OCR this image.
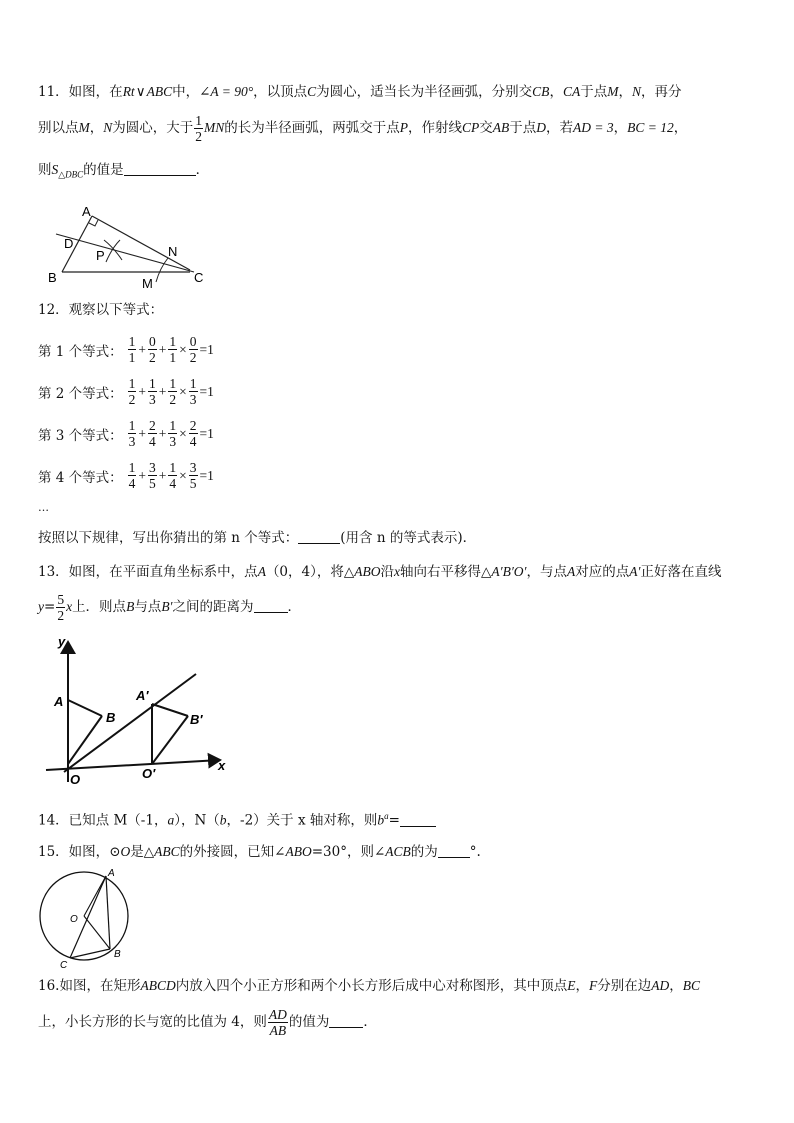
11．如图，在Rt∨ABC中，∠A = 90°，以顶点C为圆心，适当长为半径画弧，分别交CB，CA于点M，N，再分
别以点M，N为圆心，大于 $\frac{1}{2}$ MN的长为半径画弧，两弧交于点P，作射线CP交AB于点D，若AD = 3，BC = 12，
则$S_{\triangle DBC}$的值是	．
A
B	C
D
P
M
N
12．观察以下等式：
第 1 个等式： $\frac{1}{1} + \frac{0}{2} + \frac{1}{1} \times \frac{0}{2} =1$
第 2 个等式： $\frac{1}{2} + \frac{1}{3} + \frac{1}{2} \times \frac{1}{3} =1$
第 3 个等式： $\frac{1}{3} + \frac{2}{4} + \frac{1}{3} \times \frac{2}{4} =1$
第 4 个等式： $\frac{1}{4} + \frac{3}{5} + \frac{1}{4} \times \frac{3}{5} =1$
…
按照以下规律，写出你猜出的第 n 个等式：	(用含 n 的等式表示)．
13．如图，在平面直角坐标系中，点A（0，4），将△ABO沿x轴向右平移得△A′B′O′，与点A对应的点A′正好落在直线
$y= \frac{5}{2}$ x上．则点B与点B′之间的距离为	．
y
x
A
B
O
A′
B′
O′
14．已知点 M（-1，a），N（b，-2）关于 x 轴对称，则$b^a=$
15．如图，⊙O是△ABC的外接圆，已知∠ABO=30°，则∠ACB的为 °.
A
O
B
C
16.如图，在矩形ABCD内放入四个小正方形和两个小长方形后成中心对称图形，其中顶点E，F分别在边AD，BC
上，小长方形的长与宽的比值为 4，则 $\frac{AD}{AB}$ 的值为	．
